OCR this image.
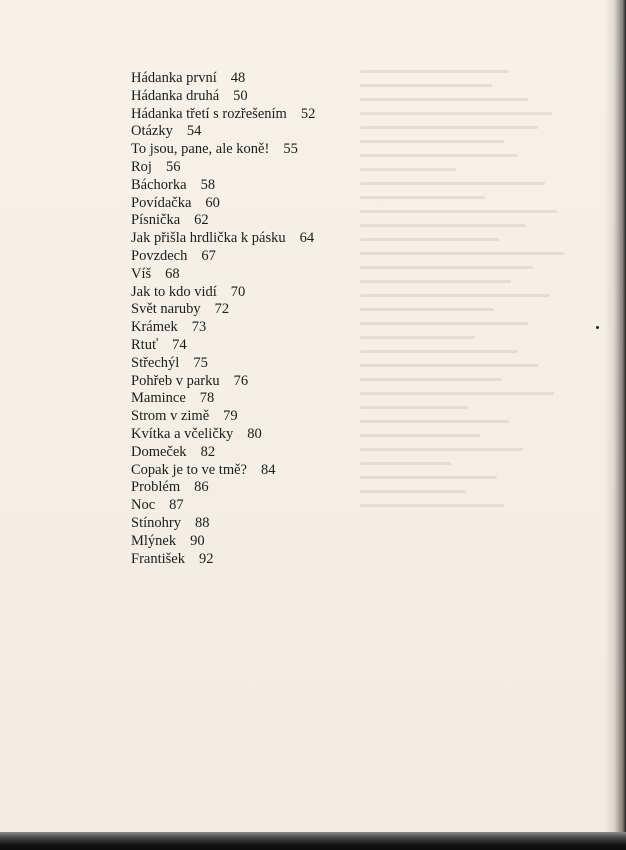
Hádanka první 48
Hádanka druhá 50
Hádanka třetí s rozřešením 52
Otázky 54
To jsou, pane, ale koně! 55
Roj 56
Báchorka 58
Povídačka 60
Písnička 62
Jak přišla hrdlička k pásku 64
Povzdech 67
Víš 68
Jak to kdo vidí 70
Svět naruby 72
Krámek 73
Rtuť 74
Střechýl 75
Pohřeb v parku 76
Mamince 78
Strom v zimě 79
Kvítka a včeličky 80
Domeček 82
Copak je to ve tmě? 84
Problém 86
Noc 87
Stínohry 88
Mlýnek 90
František 92
